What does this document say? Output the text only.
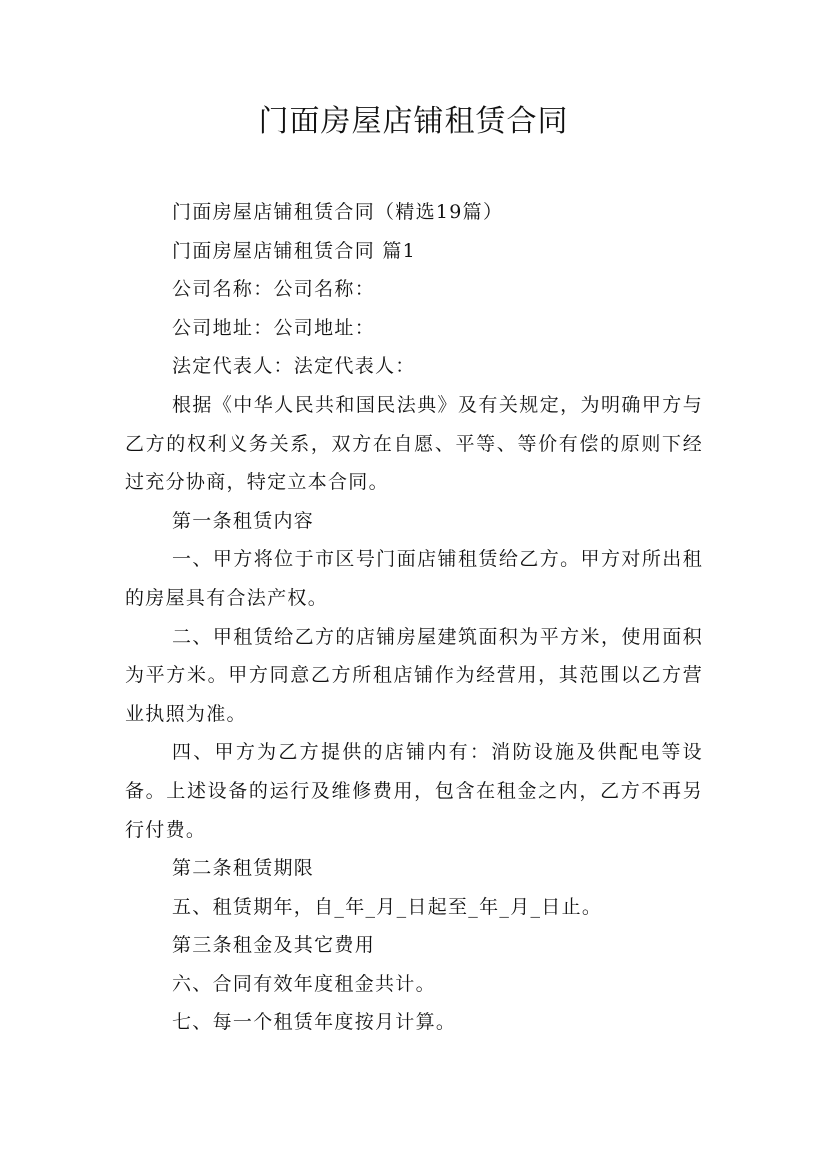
门面房屋店铺租赁合同

门面房屋店铺租赁合同（精选19篇）

门面房屋店铺租赁合同 篇1

公司名称：公司名称：

公司地址：公司地址：

法定代表人：法定代表人：

根据《中华人民共和国民法典》及有关规定，为明确甲方与乙方的权利义务关系，双方在自愿、平等、等价有偿的原则下经过充分协商，特定立本合同。

第一条租赁内容

一、甲方将位于市区号门面店铺租赁给乙方。甲方对所出租的房屋具有合法产权。

二、甲租赁给乙方的店铺房屋建筑面积为平方米，使用面积为平方米。甲方同意乙方所租店铺作为经营用，其范围以乙方营业执照为准。

四、甲方为乙方提供的店铺内有：消防设施及供配电等设备。上述设备的运行及维修费用，包含在租金之内，乙方不再另行付费。

第二条租赁期限

五、租赁期年，自_年_月_日起至_年_月_日止。

第三条租金及其它费用

六、合同有效年度租金共计。

七、每一个租赁年度按月计算。
